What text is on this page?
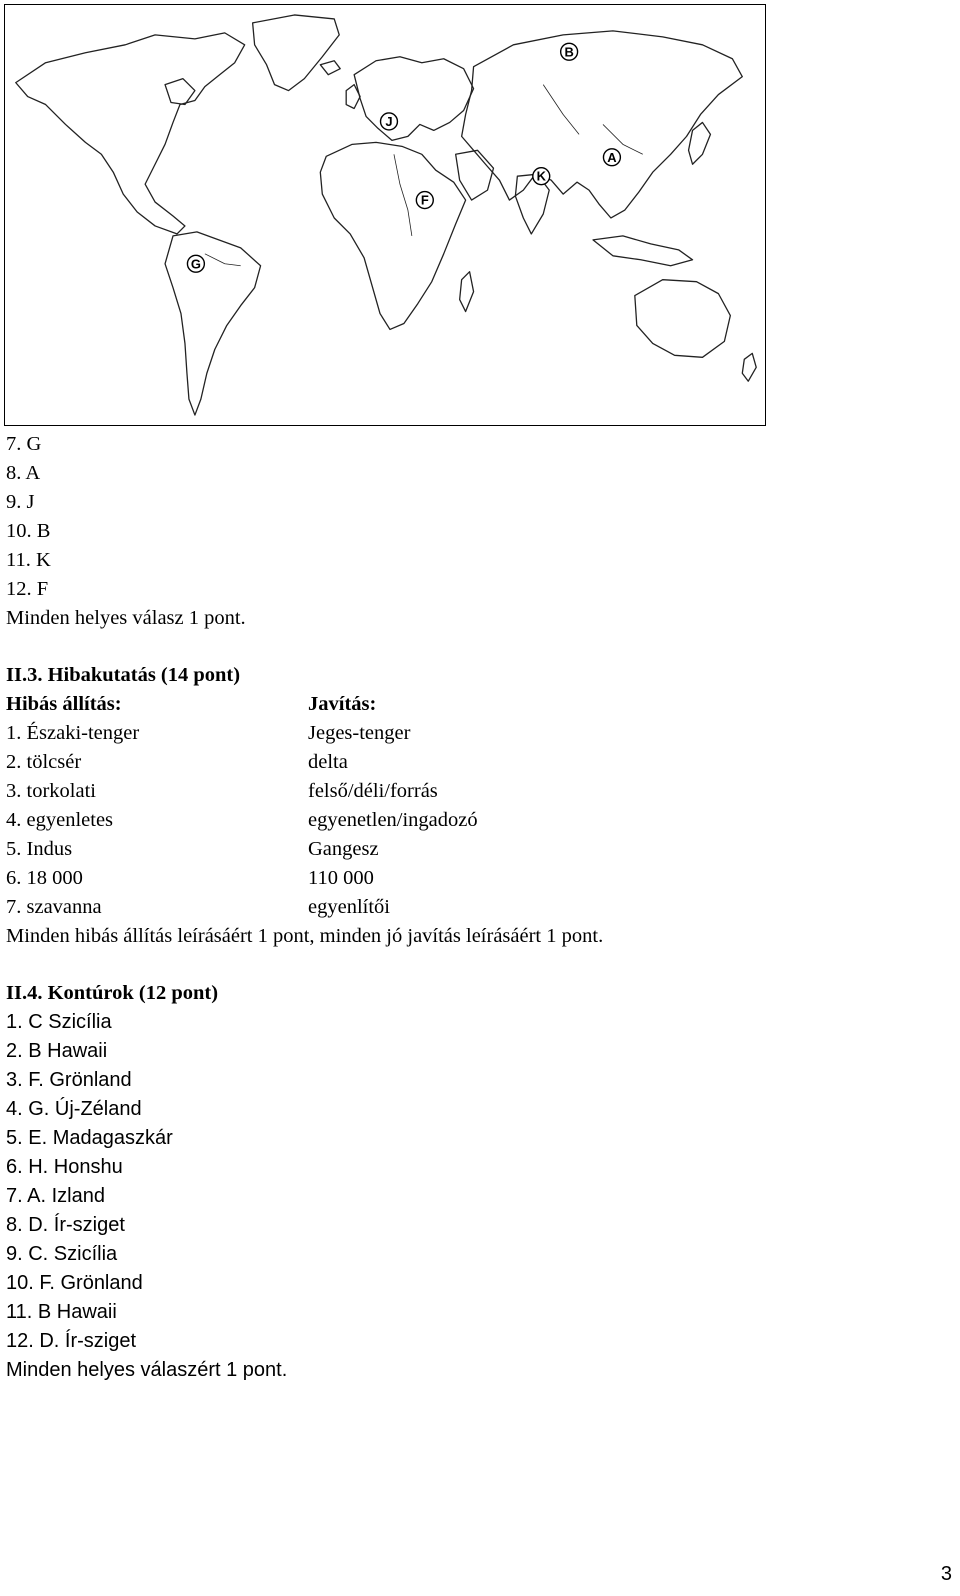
B
J
A
K
F
G
7. G
8. A
9. J
10. B
11. K
12. F
Minden helyes válasz 1 pont.
II.3. Hibakutatás (14 pont)
Hibás állítás:	Javítás:
1. Északi-tenger	Jeges-tenger
2. tölcsér	delta
3. torkolati	felső/déli/forrás
4. egyenletes	egyenetlen/ingadozó
5. Indus	Gangesz
6. 18 000	110 000
7. szavanna	egyenlítői
Minden hibás állítás leírásáért 1 pont, minden jó javítás leírásáért 1 pont.
II.4. Kontúrok (12 pont)
1. C Szicília
2. B Hawaii
3. F. Grönland
4. G. Új-Zéland
5. E. Madagaszkár
6. H. Honshu
7. A. Izland
8. D. Ír-sziget
9. C. Szicília
10. F. Grönland
11. B Hawaii
12. D. Ír-sziget
Minden helyes válaszért 1 pont.
3
